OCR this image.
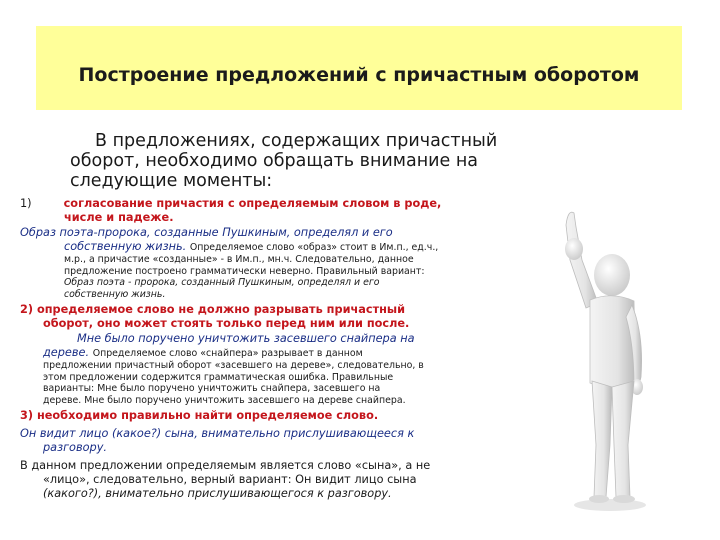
Построение предложений с причастным оборотом
В предложениях, содержащих причастный
оборот, необходимо обращать внимание на
следующие моменты:
1)	согласование причастия с определяемым словом в роде,
числе и падеже.
Образ поэта-пророка, созданные Пушкиным, определял и его
собственную жизнь. Определяемое слово «образ» стоит в Им.п., ед.ч.,
м.р., а причастие «созданные» - в Им.п., мн.ч. Следовательно, данное
предложение построено грамматически неверно. Правильный вариант:
Образ поэта - пророка, созданный Пушкиным, определял и его
собственную жизнь.
2) определяемое слово не должно разрывать причастный
оборот, оно может стоять только перед ним или после.
Мне было поручено уничтожить засевшего снайпера на
дереве. Определяемое слово «снайпера» разрывает в данном
предложении причастный оборот «засевшего на дереве», следовательно, в
этом предложении содержится грамматическая ошибка. Правильные
варианты: Мне было поручено уничтожить снайпера, засевшего на
дереве. Мне было поручено уничтожить засевшего на дереве снайпера.
3) необходимо правильно найти определяемое слово.
Он видит лицо (какое?) сына, внимательно прислушивающееся к
разговору.
В данном предложении определяемым является слово «сына», а не
«лицо», следовательно, верный вариант: Он видит лицо сына
(какого?), внимательно прислушивающегося к разговору.
